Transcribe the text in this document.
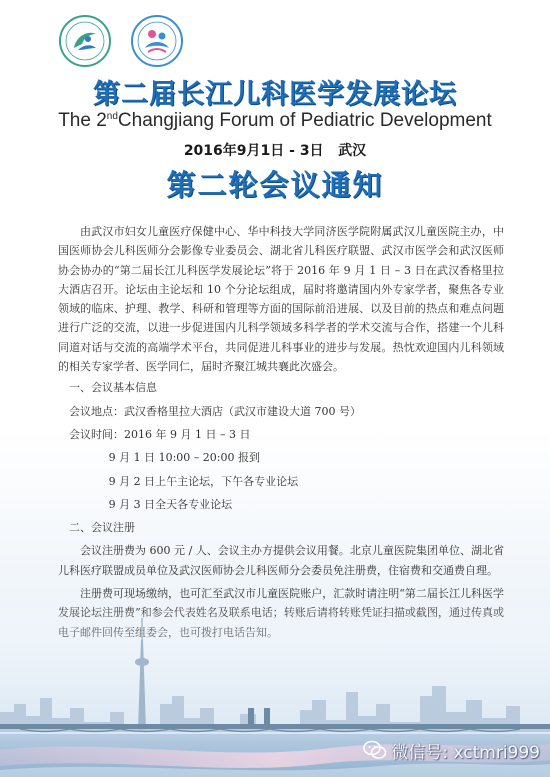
第二届长江儿科医学发展论坛
The 2ndChangjiang Forum of Pediatric Development
2016年9月1日 - 3日   武汉
第二轮会议通知

由武汉市妇女儿童医疗保健中心、华中科技大学同济医学院附属武汉儿童医院主办，中国医师协会儿科医师分会影像专业委员会、湖北省儿科医疗联盟、武汉市医学会和武汉医师协会协办的“第二届长江儿科医学发展论坛”将于 2016 年 9 月 1 日 – 3 日在武汉香格里拉大酒店召开。论坛由主论坛和 10 个分论坛组成，届时将邀请国内外专家学者，聚焦各专业领域的临床、护理、教学、科研和管理等方面的国际前沿进展、以及目前的热点和难点问题进行广泛的交流，以进一步促进国内儿科学领域多科学者的学术交流与合作，搭建一个儿科同道对话与交流的高端学术平台，共同促进儿科事业的进步与发展。热忱欢迎国内儿科领域的相关专家学者、医学同仁，届时齐聚江城共襄此次盛会。

一、会议基本信息

会议地点：武汉香格里拉大酒店（武汉市建设大道 700 号）

会议时间：2016 年 9 月 1 日 – 3 日

9 月 1 日 10:00 – 20:00 报到

9 月 2 日上午主论坛，下午各专业论坛

9 月 3 日全天各专业论坛

二、会议注册

会议注册费为 600 元 / 人、会议主办方提供会议用餐。北京儿童医院集团单位、湖北省儿科医疗联盟成员单位及武汉医师协会儿科医师分会委员免注册费，住宿费和交通费自理。

注册费可现场缴纳，也可汇至武汉市儿童医院账户，汇款时请注明“第二届长江儿科医学

微信号: xctmri999
